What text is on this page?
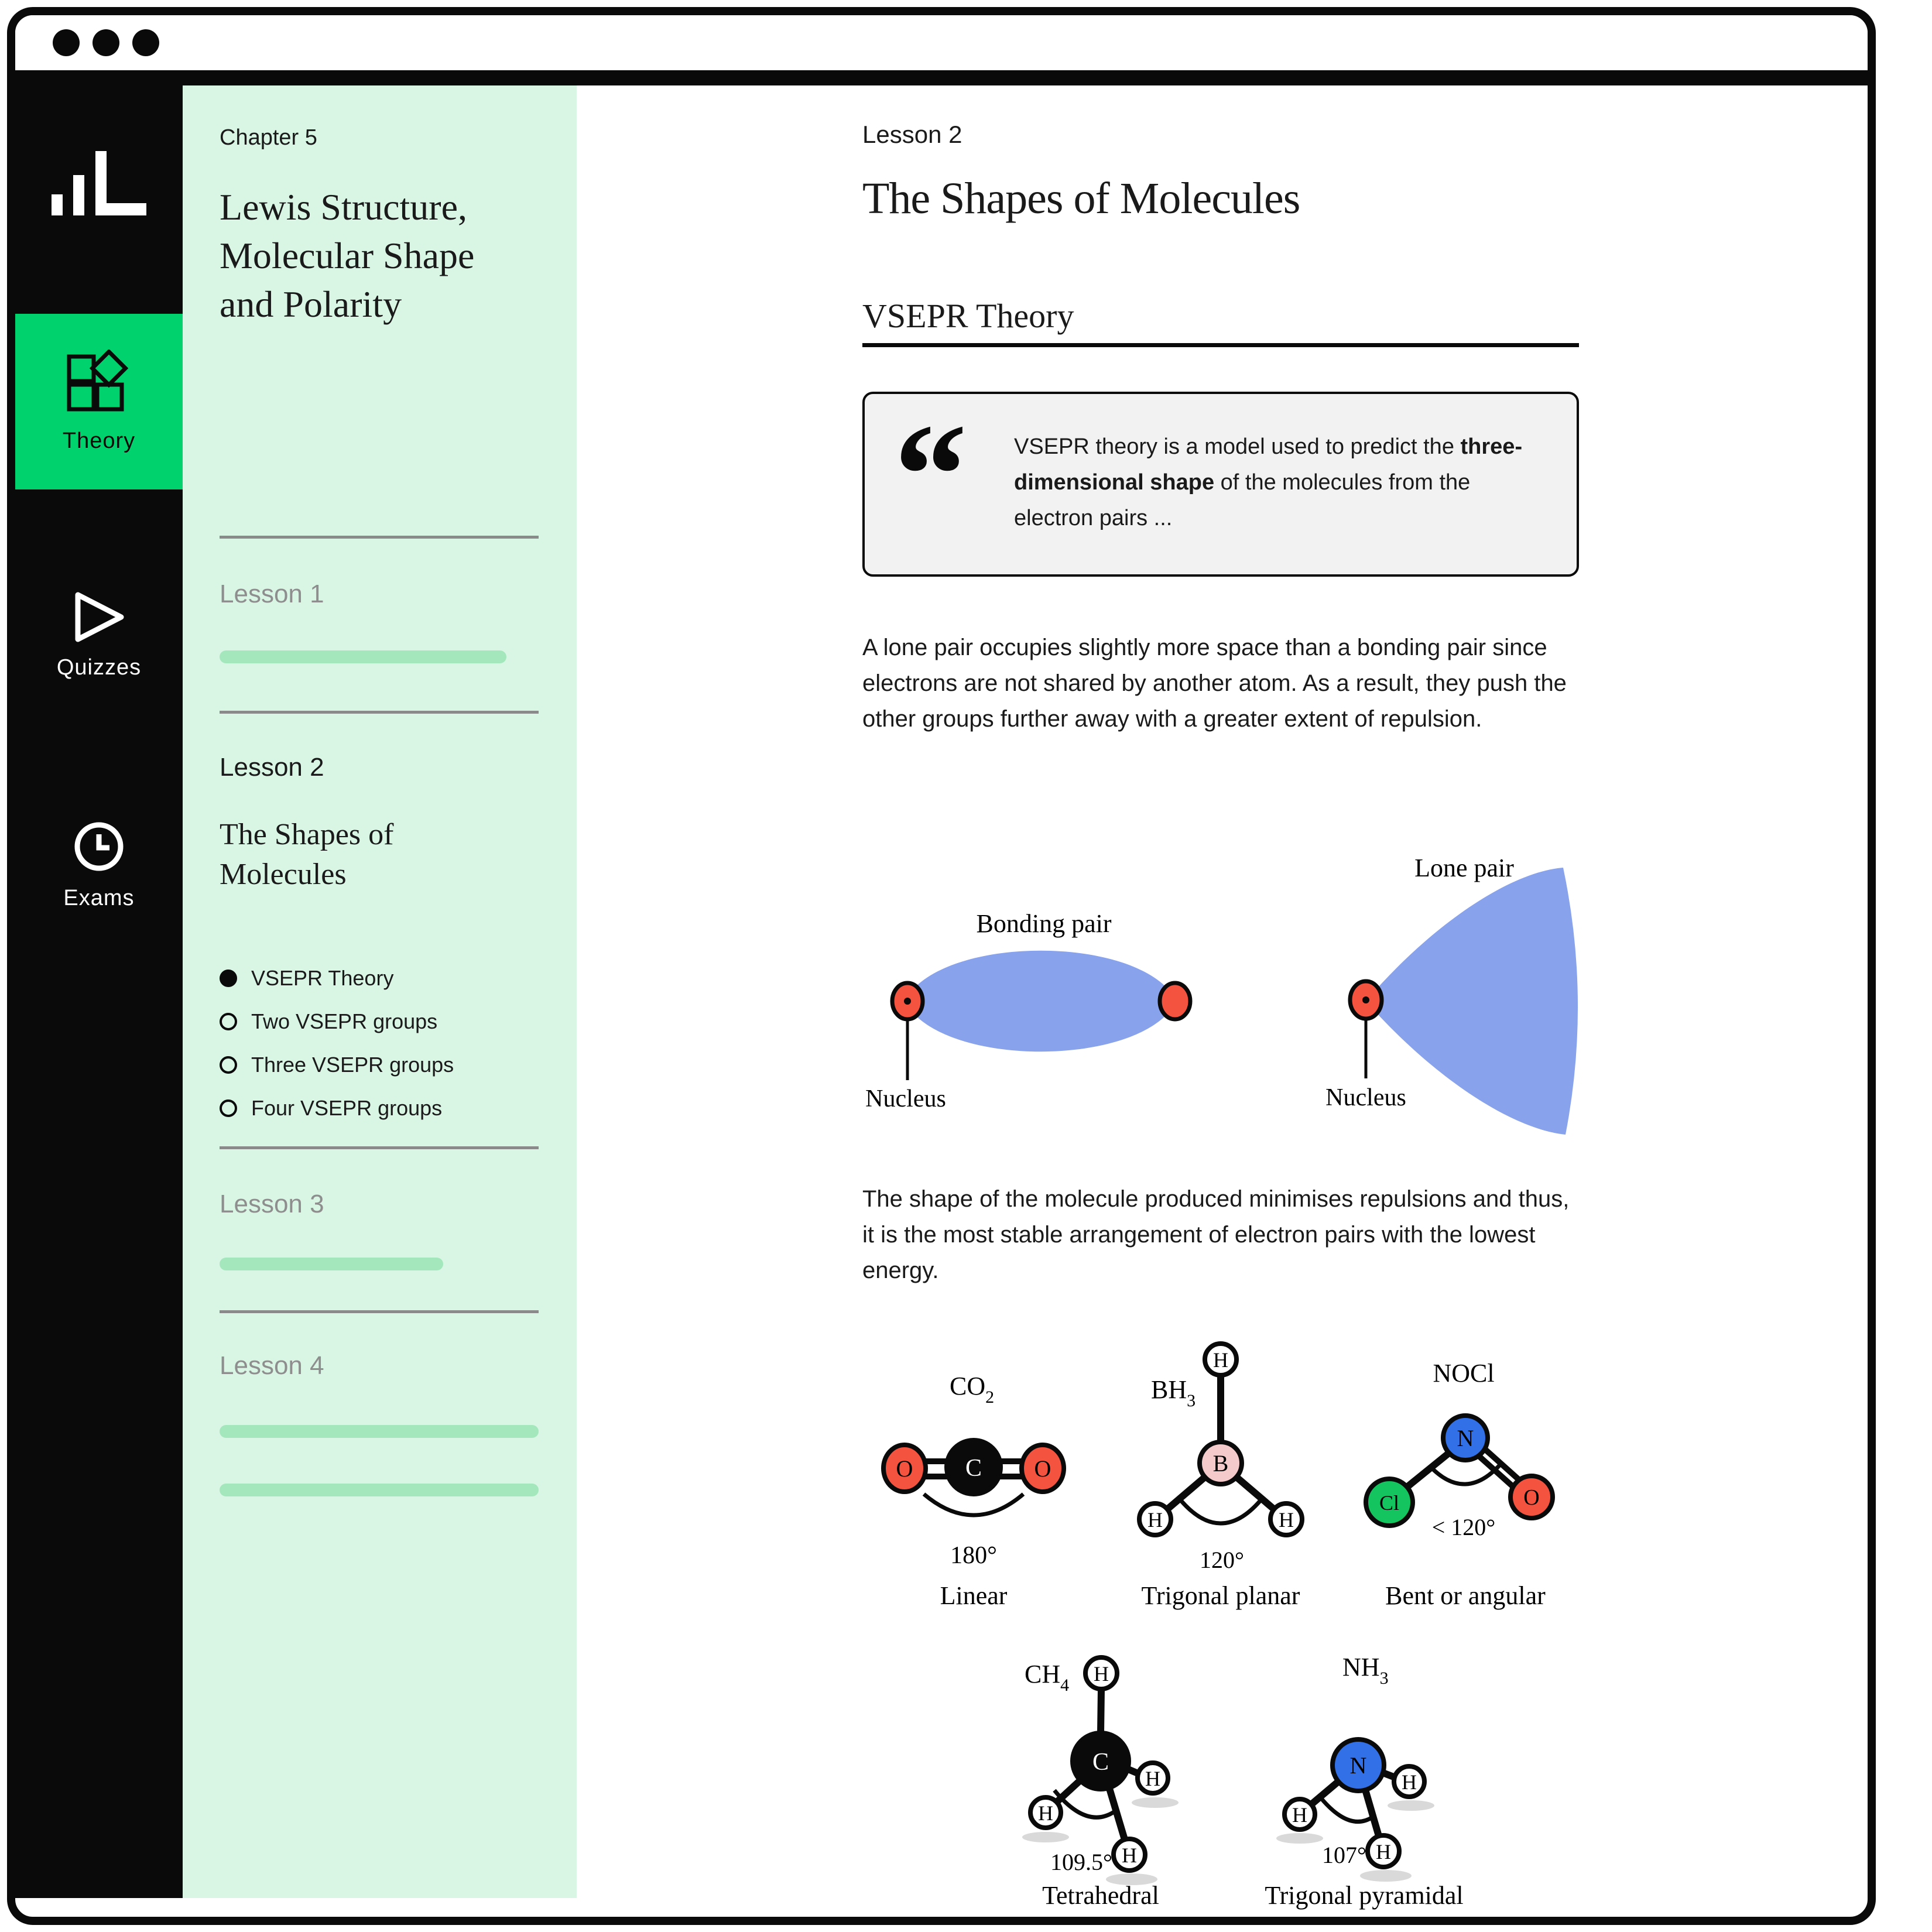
Theory
Quizzes
Exams
Chapter 5
Lewis Structure, Molecular Shape and Polarity
Lesson 1
Lesson 2
The Shapes of Molecules
VSEPR Theory
Two VSEPR groups
Three VSEPR groups
Four VSEPR groups
Lesson 3
Lesson 4
Lesson 2
The Shapes of Molecules
VSEPR Theory
“ VSEPR theory is a model used to predict the three-dimensional shape of the molecules from the electron pairs ...
A lone pair occupies slightly more space than a bonding pair since electrons are not shared by another atom. As a result, they push the other groups further away with a greater extent of repulsion.
Bonding pair
Lone pair
Nucleus	Nucleus
The shape of the molecule produced minimises repulsions and thus, it is the most stable arrangement of electron pairs with the lowest energy.
O C O
$CO_2$
180°
Linear
H
B
H	H
$BH_3$
120°
Trigonal planar
N
Cl	O
NOCl
< 120°
Bent or angular
H
C
H
H
H
$CH_4$
109.5°
Tetrahedral
N
H
H
H
$NH_3$
107°
Trigonal pyramidal
